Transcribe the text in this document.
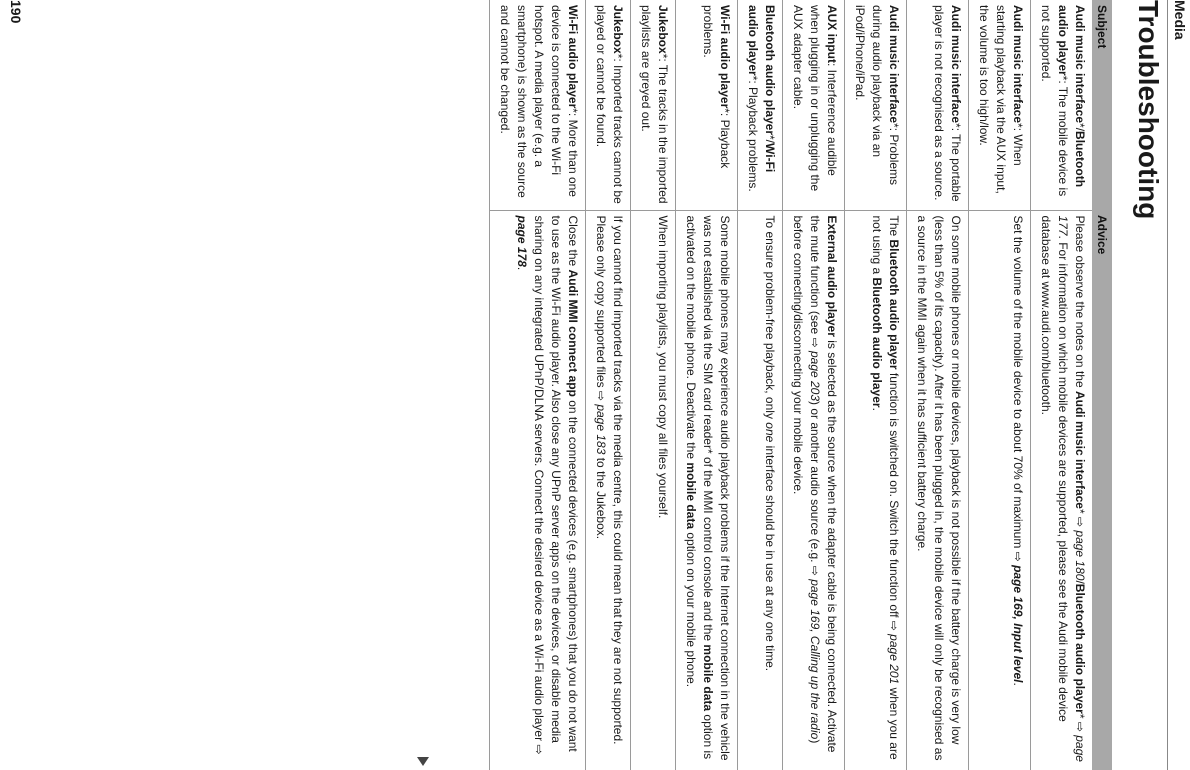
Media
Troubleshooting
Subject	Advice
Audi music interface*/Bluetooth audio player*: The mobile device is not supported.	Please observe the notes on the Audi music interface* ⇨ page 180/Bluetooth audio player* ⇨ page 177. For information on which mobile devices are supported, please see the Audi mobile device database at www.audi.com/bluetooth.
Audi music interface*: When starting playback via the AUX input, the volume is too high/low.	Set the volume of the mobile device to about 70% of maximum ⇨ page 169, Input level.
Audi music interface*: The portable player is not recognised as a source.	On some mobile phones or mobile devices, playback is not possible if the battery charge is very low (less than 5% of its capacity). After it has been plugged in, the mobile device will only be recognised as a source in the MMI again when it has sufficient battery charge.
Audi music interface*: Problems during audio playback via an iPod/iPhone/iPad.	The Bluetooth audio player function is switched on. Switch the function off ⇨ page 201 when you are not using a Bluetooth audio player.
AUX input: Interference audible when plugging in or unplugging the AUX adapter cable.	External audio player is selected as the source when the adapter cable is being connected. Activate the mute function (see ⇨ page 203) or another audio source (e.g. ⇨ page 169, Calling up the radio) before connecting/disconnecting your mobile device.
Bluetooth audio player*/Wi-Fi audio player*: Playback problems.	To ensure problem-free playback, only one interface should be in use at any one time.
Wi-Fi audio player*: Playback problems.	Some mobile phones may experience audio playback problems if the Internet connection in the vehicle was not established via the SIM card reader* of the MMI control console and the mobile data option is activated on the mobile phone. Deactivate the mobile data option on your mobile phone.
Jukebox*: The tracks in the imported playlists are greyed out.	When importing playlists, you must copy all files yourself.
Jukebox*: Imported tracks cannot be played or cannot be found.	If you cannot find imported tracks via the media centre, this could mean that they are not supported. Please only copy supported files ⇨ page 183 to the Jukebox.
Wi-Fi audio player*: More than one device is connected to the Wi-Fi hotspot. A media player (e.g. a smartphone) is shown as the source and cannot be changed.	Close the Audi MMI connect app on the connected devices (e.g. smartphones) that you do not want to use as the Wi-Fi audio player. Also close any UPnP server apps on the devices, or disable media sharing on any integrated UPnP/DLNA servers. Connect the desired device as a Wi-Fi audio player ⇨ page 178.
190
